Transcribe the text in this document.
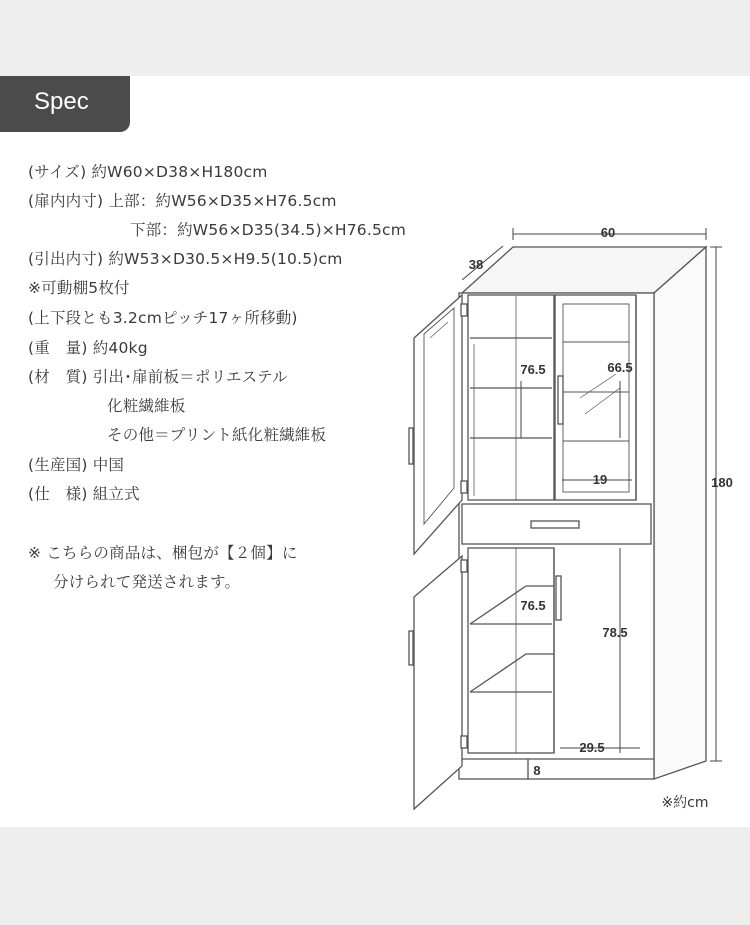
Spec
(サイズ) 約W60×D38×H180cm
(扉内内寸) 上部：約W56×D35×H76.5cm
下部：約W56×D35(34.5)×H76.5cm
(引出内寸) 約W53×D30.5×H9.5(10.5)cm
※可動棚5枚付
(上下段とも3.2cmピッチ17ヶ所移動)
(重　量) 約40kg
(材　質) 引出･扉前板＝ポリエステル
化粧繊維板
その他＝プリント紙化粧繊維板
(生産国) 中国
(仕　様) 組立式
※ こちらの商品は、梱包が【２個】に
分けられて発送されます。
60
38
180
76.5	66.5
19
76.5
78.5
29.5
8
※約cm
